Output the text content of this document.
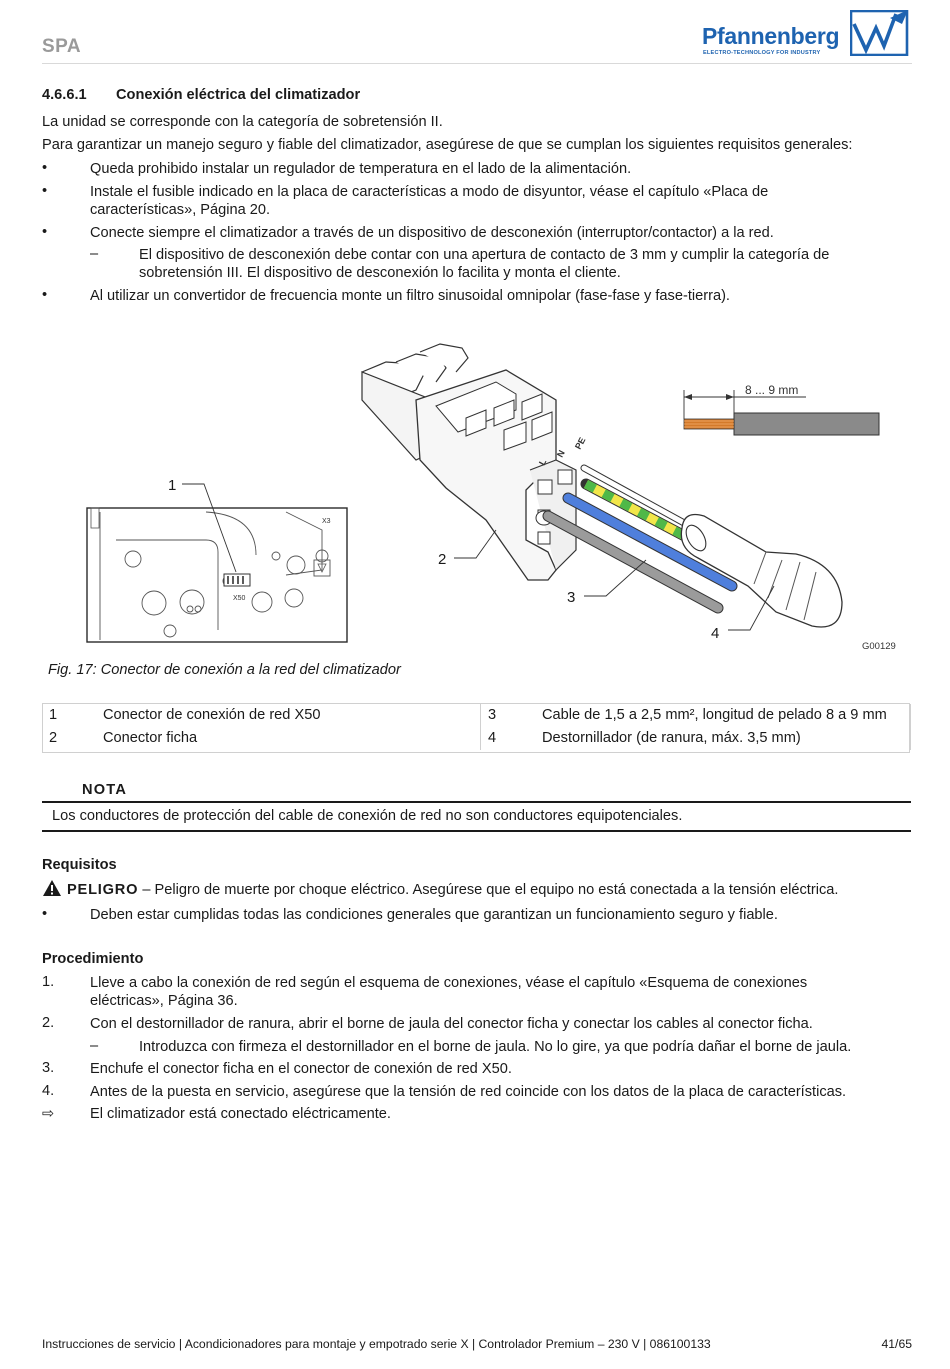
SPA	Pfannenberg
ELECTRO-TECHNOLOGY FOR INDUSTRY
4.6.6.1 Conexión eléctrica del climatizador
La unidad se corresponde con la categoría de sobretensión II.
Para garantizar un manejo seguro y fiable del climatizador, asegúrese de que se cumplan los siguientes requisitos generales:
•	Queda prohibido instalar un regulador de temperatura en el lado de la alimentación.
•	Instale el fusible indicado en la placa de características a modo de disyuntor, véase el capítulo «Placa de características», Página 20.
•	Conecte siempre el climatizador a través de un dispositivo de desconexión (interruptor/contactor) a la red.
–	El dispositivo de desconexión debe contar con una apertura de contacto de 3 mm y cumplir la categoría de sobretensión III. El dispositivo de desconexión lo facilita y monta el cliente.
•	Al utilizar un convertidor de frecuencia monte un filtro sinusoidal omnipolar (fase-fase y fase-tierra).
X50
X3
L
N
PE
8 ... 9 mm
1
2
3
4
G00129
Fig. 17: Conector de conexión a la red del climatizador
1	Conector de conexión de red X50	3	Cable de 1,5 a 2,5 mm², longitud de pelado 8 a 9 mm
2	Conector ficha	4	Destornillador (de ranura, máx. 3,5 mm)
NOTA
Los conductores de protección del cable de conexión de red no son conductores equipotenciales.
Requisitos
PELIGRO – Peligro de muerte por choque eléctrico. Asegúrese que el equipo no está conectada a la tensión eléctrica.
•	Deben estar cumplidas todas las condiciones generales que garantizan un funcionamiento seguro y fiable.
Procedimiento
1. Lleve a cabo la conexión de red según el esquema de conexiones, véase el capítulo «Esquema de conexiones eléctricas», Página 36.
2. Con el destornillador de ranura, abrir el borne de jaula del conector ficha y conectar los cables al conector ficha.
–	Introduzca con firmeza el destornillador en el borne de jaula. No lo gire, ya que podría dañar el borne de jaula.
3. Enchufe el conector ficha en el conector de conexión de red X50.
4. Antes de la puesta en servicio, asegúrese que la tensión de red coincide con los datos de la placa de características.
⇨ El climatizador está conectado eléctricamente.
Instrucciones de servicio | Acondicionadores para montaje y empotrado serie X | Controlador Premium – 230 V | 086100133	41/65
